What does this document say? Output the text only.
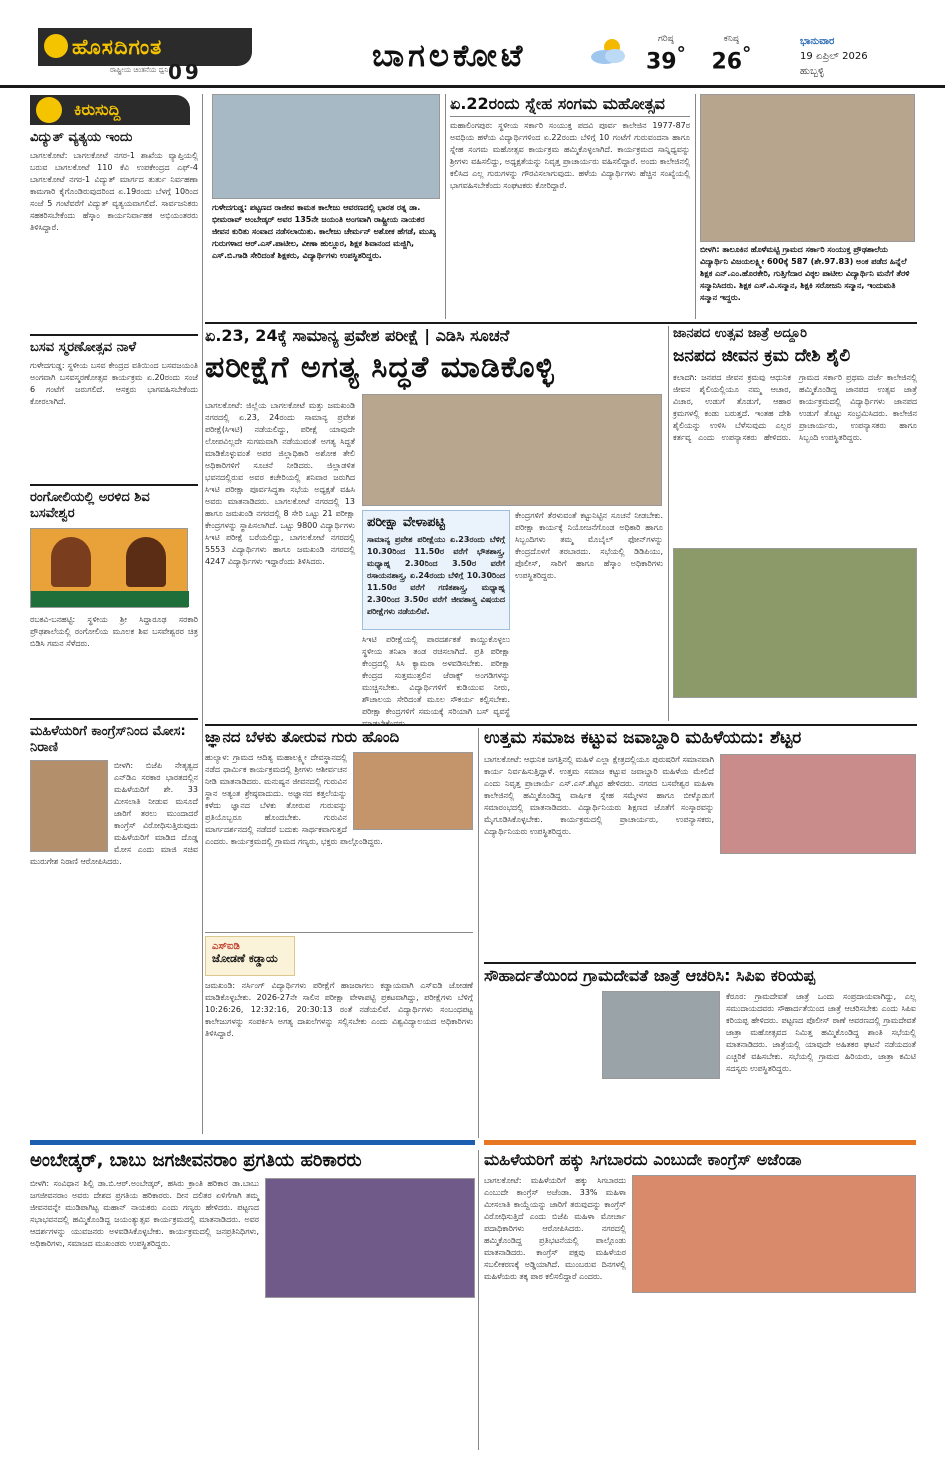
ಹೊಸದಿಗಂತ
ರಾಷ್ಟ್ರೀಯ ಚಿಂತನೆಯ ಧ್ವನಿ 09	ಬಾಗಲಕೋಟೆ	ಗರಿಷ್ಠ
39°
ಕನಿಷ್ಠ
26°
ಭಾನುವಾರ
19 ಏಪ್ರಿಲ್ 2026
ಹುಬ್ಬಳ್ಳಿ
ಕಿರುಸುದ್ದಿ
ವಿದ್ಯುತ್ ವ್ಯತ್ಯಯ ಇಂದು
ಬಾಗಲಕೋಟೆ: ಬಾಗಲಕೋಟೆ ನಗರ-1 ಶಾಖೆಯ ವ್ಯಾಪ್ತಿಯಲ್ಲಿ ಬರುವ ಬಾಗಲಕೋಟೆ 110 ಕೆವಿ ಉಪಕೇಂದ್ರದ ಎಫ್-4 ಬಾಗಲಕೋಟೆ ನಗರ-1 ವಿದ್ಯುತ್ ಮಾರ್ಗದ ತುರ್ತು ನಿರ್ವಹಣಾ ಕಾಮಗಾರಿ ಕೈಗೊಂಡಿರುವುದರಿಂದ ಏ.19ರಂದು ಬೆಳಗ್ಗೆ 10ರಿಂದ ಸಂಜೆ 5 ಗಂಟೆವರೆಗೆ ವಿದ್ಯುತ್ ವ್ಯತ್ಯಯವಾಗಲಿದೆ. ಸಾರ್ವಜನಿಕರು ಸಹಕರಿಸಬೇಕೆಂದು ಹೆಸ್ಕಾಂ ಕಾರ್ಯನಿರ್ವಾಹಕ ಅಭಿಯಂತರರು ತಿಳಿಸಿದ್ದಾರೆ.
ಬಸವ ಸ್ಮರಣೋತ್ಸವ ನಾಳೆ
ಗುಳೇದಗುಡ್ಡ: ಸ್ಥಳೀಯ ಬಸವ ಕೇಂದ್ರದ ವತಿಯಿಂದ ಬಸವಜಯಂತಿ ಅಂಗವಾಗಿ ಬಸವಸ್ಮರಣೋತ್ಸವ ಕಾರ್ಯಕ್ರಮ ಏ.20ರಂದು ಸಂಜೆ 6 ಗಂಟೆಗೆ ಜರುಗಲಿದೆ. ಆಸಕ್ತರು ಭಾಗವಹಿಸಬೇಕೆಂದು ಕೋರಲಾಗಿದೆ.
ರಂಗೋಲಿಯಲ್ಲಿ ಅರಳಿದ ಶಿವ ಬಸವೇಶ್ವರ
ರಬಕವಿ-ಬನಹಟ್ಟಿ: ಸ್ಥಳೀಯ ಶ್ರೀ ಸಿದ್ದಾರೂಢ ಸರಕಾರಿ ಪ್ರೌಢಶಾಲೆಯಲ್ಲಿ ರಂಗೋಲಿಯ ಮೂಲಕ ಶಿವ ಬಸವೇಶ್ವರರ ಚಿತ್ರ ಬಿಡಿಸಿ ಗಮನ ಸೆಳೆದರು.
ಮಹಿಳೆಯರಿಗೆ ಕಾಂಗ್ರೆಸ್‌ನಿಂದ ಮೋಸ: ನಿರಾಣಿ
ಬೀಳಗಿ: ಬಿಜೆಪಿ ನೇತೃತ್ವದ ಎನ್‌ಡಿಎ ಸರಕಾರ ಭಾರತದಲ್ಲಿನ ಮಹಿಳೆಯರಿಗೆ ಶೇ. 33 ಮೀಸಲಾತಿ ನೀಡುವ ಮಸೂದೆ ಜಾರಿಗೆ ತರಲು ಮುಂದಾದರೆ ಕಾಂಗ್ರೆಸ್ ವಿರೋಧಿಸುತ್ತಿರುವುದು ಮಹಿಳೆಯರಿಗೆ ಮಾಡಿದ ದೊಡ್ಡ ಮೋಸ ಎಂದು ಮಾಜಿ ಸಚಿವ ಮುರುಗೇಶ ನಿರಾಣಿ ಆರೋಪಿಸಿದರು.
ಗುಳೇದಗುಡ್ಡ: ಪಟ್ಟಣದ ರಾಜೀವ ಕಾಮತ ಕಾಲೇಜು ಆವರಣದಲ್ಲಿ ಭಾರತ ರತ್ನ ಡಾ. ಭೀಮರಾವ್ ಅಂಬೇಡ್ಕರ್ ಅವರ 135ನೇ ಜಯಂತಿ ಅಂಗವಾಗಿ ರಾಷ್ಟ್ರೀಯ ನಾಯಕರ ಜೀವನ ಕುರಿತು ಸಂವಾದ ನಡೆಸಲಾಯಿತು. ಕಾಲೇಜು ಚೇರ್ಮನ್ ಅಶೋಕ ಹೆಗಡೆ, ಮುಖ್ಯ ಗುರುಗಳಾದ ಆರ್.ಎಸ್.ಪಾಟೀಲ, ವೀಣಾ ಹುಲ್ಲೂರ, ಶಿಕ್ಷಕ ಶಿವಾನಂದ ಮಜ್ಜಿಗಿ, ಎಸ್.ಬಿ.ಗಾಡಿ ಸೇರಿದಂತೆ ಶಿಕ್ಷಕರು, ವಿದ್ಯಾರ್ಥಿಗಳು ಉಪಸ್ಥಿತರಿದ್ದರು.
ಏ.22ರಂದು ಸ್ನೇಹ ಸಂಗಮ ಮಹೋತ್ಸವ
ಮಹಾಲಿಂಗಪುರ: ಸ್ಥಳೀಯ ಸರ್ಕಾರಿ ಸಂಯುಕ್ತ ಪದವಿ ಪೂರ್ವ ಕಾಲೇಜಿನ 1977-87ರ ಅವಧಿಯ ಹಳೆಯ ವಿದ್ಯಾರ್ಥಿಗಳಿಂದ ಏ.22ರಂದು ಬೆಳಿಗ್ಗೆ 10 ಗಂಟೆಗೆ ಗುರುವಂದನಾ ಹಾಗೂ ಸ್ನೇಹ ಸಂಗಮ ಮಹೋತ್ಸವ ಕಾರ್ಯಕ್ರಮ ಹಮ್ಮಿಕೊಳ್ಳಲಾಗಿದೆ. ಕಾರ್ಯಕ್ರಮದ ಸಾನ್ನಿಧ್ಯವನ್ನು ಶ್ರೀಗಳು ವಹಿಸಲಿದ್ದು, ಅಧ್ಯಕ್ಷತೆಯನ್ನು ನಿವೃತ್ತ ಪ್ರಾಚಾರ್ಯರು ವಹಿಸಲಿದ್ದಾರೆ. ಅಂದು ಕಾಲೇಜಿನಲ್ಲಿ ಕಲಿಸಿದ ಎಲ್ಲ ಗುರುಗಳನ್ನು ಗೌರವಿಸಲಾಗುವುದು. ಹಳೆಯ ವಿದ್ಯಾರ್ಥಿಗಳು ಹೆಚ್ಚಿನ ಸಂಖ್ಯೆಯಲ್ಲಿ ಭಾಗವಹಿಸಬೇಕೆಂದು ಸಂಘಟಕರು ಕೋರಿದ್ದಾರೆ.
ಬೀಳಗಿ: ತಾಲೂಕಿನ ಹೊಳೆಮಟ್ಟಿ ಗ್ರಾಮದ ಸರ್ಕಾರಿ ಸಂಯುಕ್ತ ಪ್ರೌಢಶಾಲೆಯ ವಿದ್ಯಾರ್ಥಿನಿ ವಿಜಯಲಕ್ಷ್ಮೀ 600ಕ್ಕೆ 587 (ಶೇ.97.83) ಅಂಕ ಪಡೆದ ಹಿನ್ನೆಲೆ ಶಿಕ್ಷಕ ಎನ್.ಎಂ.ಹೊರಕೇರಿ, ಗುತ್ತಿಗೆದಾರ ವಿಠ್ಠಲ ಪಾಟೀಲ ವಿದ್ಯಾರ್ಥಿನಿ ಮನೆಗೆ ತೆರಳಿ ಸನ್ಮಾನಿಸಿದರು. ಶಿಕ್ಷಕ ಎಸ್.ವಿ.ಸನ್ಮಾನ, ಶಿಕ್ಷಕಿ ಸರೋಜನಿ ಸನ್ಮಾನ, ಇಂದುಮತಿ ಸನ್ಮಾನ ಇದ್ದರು.
ಏ.23, 24ಕ್ಕೆ ಸಾಮಾನ್ಯ ಪ್ರವೇಶ ಪರೀಕ್ಷೆ | ಎಡಿಸಿ ಸೂಚನೆ
ಪರೀಕ್ಷೆಗೆ ಅಗತ್ಯ ಸಿದ್ಧತೆ ಮಾಡಿಕೊಳ್ಳಿ
ಬಾಗಲಕೋಟೆ: ಜಿಲ್ಲೆಯ ಬಾಗಲಕೋಟೆ ಮತ್ತು ಜಮಖಂಡಿ ನಗರದಲ್ಲಿ ಏ.23, 24ರಂದು ಸಾಮಾನ್ಯ ಪ್ರವೇಶ ಪರೀಕ್ಷೆ(ಸಿಇಟಿ) ನಡೆಯಲಿದ್ದು, ಪರೀಕ್ಷೆ ಯಾವುದೇ ಲೋಪವಿಲ್ಲದೇ ಸುಗಮವಾಗಿ ನಡೆಯುವಂತೆ ಅಗತ್ಯ ಸಿದ್ದತೆ ಮಾಡಿಕೊಳ್ಳುವಂತೆ ಅಪರ ಜಿಲ್ಲಾಧಿಕಾರಿ ಅಶೋಕ ತೇಲಿ ಅಧಿಕಾರಿಗಳಿಗೆ ಸೂಚನೆ ನೀಡಿದರು. ಜಿಲ್ಲಾಡಳಿತ ಭವನದಲ್ಲಿರುವ ಅವರ ಕಚೇರಿಯಲ್ಲಿ ಶನಿವಾರ ಜರುಗಿದ ಸಿಇಟಿ ಪರೀಕ್ಷಾ ಪೂರ್ವಸಿದ್ಧತಾ ಸಭೆಯ ಅಧ್ಯಕ್ಷತೆ ವಹಿಸಿ ಅವರು ಮಾತನಾಡಿದರು. ಬಾಗಲಕೋಟೆ ನಗರದಲ್ಲಿ 13 ಹಾಗೂ ಜಮಖಂಡಿ ನಗರದಲ್ಲಿ 8 ಸೇರಿ ಒಟ್ಟು 21 ಪರೀಕ್ಷಾ ಕೇಂದ್ರಗಳನ್ನು ಸ್ಥಾಪಿಸಲಾಗಿದೆ. ಒಟ್ಟು 9800 ವಿದ್ಯಾರ್ಥಿಗಳು ಸಿಇಟಿ ಪರೀಕ್ಷೆ ಬರೆಯಲಿದ್ದು, ಬಾಗಲಕೋಟೆ ನಗರದಲ್ಲಿ 5553 ವಿದ್ಯಾರ್ಥಿಗಳು ಹಾಗೂ ಜಮಖಂಡಿ ನಗರದಲ್ಲಿ 4247 ವಿದ್ಯಾರ್ಥಿಗಳು ಇದ್ದಾರೆಂದು ತಿಳಿಸಿದರು.
ಪರೀಕ್ಷಾ ವೇಳಾಪಟ್ಟಿ
ಸಾಮಾನ್ಯ ಪ್ರವೇಶ ಪರೀಕ್ಷೆಯು ಏ.23ರಂದು ಬೆಳಿಗ್ಗೆ 10.30ರಿಂದ 11.50ರ ವರೆಗೆ ಭೌತಶಾಸ್ತ್ರ, ಮಧ್ಯಾಹ್ನ 2.30ರಿಂದ 3.50ರ ವರೆಗೆ ರಸಾಯನಶಾಸ್ತ್ರ, ಏ.24ರಂದು ಬೆಳಿಗ್ಗೆ 10.30ರಿಂದ 11.50ರ ವರೆಗೆ ಗಣಿತಶಾಸ್ತ್ರ, ಮಧ್ಯಾಹ್ನ 2.30ರಿಂದ 3.50ರ ವರೆಗೆ ಜೀವಶಾಸ್ತ್ರ ವಿಷಯದ ಪರೀಕ್ಷೆಗಳು ನಡೆಯಲಿವೆ.
ಸಿಇಟಿ ಪರೀಕ್ಷೆಯಲ್ಲಿ ಪಾರದರ್ಶಕತೆ ಕಾಯ್ದುಕೊಳ್ಳಲು ಸ್ಥಳೀಯ ತನಿಖಾ ತಂಡ ರಚಿಸಲಾಗಿದೆ. ಪ್ರತಿ ಪರೀಕ್ಷಾ ಕೇಂದ್ರದಲ್ಲಿ ಸಿಸಿ ಕ್ಯಾಮರಾ ಅಳವಡಿಸಬೇಕು. ಪರೀಕ್ಷಾ ಕೇಂದ್ರದ ಸುತ್ತಮುತ್ತಲಿನ ಜೆರಾಕ್ಸ್ ಅಂಗಡಿಗಳನ್ನು ಮುಚ್ಚಿಸಬೇಕು. ವಿದ್ಯಾರ್ಥಿಗಳಿಗೆ ಕುಡಿಯುವ ನೀರು, ಶೌಚಾಲಯ ಸೇರಿದಂತೆ ಮೂಲ ಸೌಕರ್ಯ ಕಲ್ಪಿಸಬೇಕು. ಪರೀಕ್ಷಾ ಕೇಂದ್ರಗಳಿಗೆ ಸಮಯಕ್ಕೆ ಸರಿಯಾಗಿ ಬಸ್ ವ್ಯವಸ್ಥೆ
ಕೇಂದ್ರಗಳಿಗೆ ತೆರಳುವಂತೆ ಕಟ್ಟುನಿಟ್ಟಿನ ಸೂಚನೆ ನೀಡಬೇಕು. ಪರೀಕ್ಷಾ ಕಾರ್ಯಕ್ಕೆ ನಿಯೋಜನೆಗೊಂಡ ಅಧಿಕಾರಿ ಹಾಗೂ ಸಿಬ್ಬಂದಿಗಳು ತಮ್ಮ ಮೊಬೈಲ್ ಫೋನ್‌ಗಳನ್ನು ಕೇಂದ್ರದೊಳಗೆ ತರಬಾರದು. ಸಭೆಯಲ್ಲಿ ಡಿಡಿಪಿಯು, ಪೊಲೀಸ್, ಸಾರಿಗೆ ಹಾಗೂ ಹೆಸ್ಕಾಂ ಅಧಿಕಾರಿಗಳು ಉಪಸ್ಥಿತರಿದ್ದರು.
ಜಾನಪದ ಉತ್ಸವ ಜಾತ್ರೆ ಅದ್ದೂರಿ
ಜನಪದ ಜೀವನ ಕ್ರಮ ದೇಶಿ ಶೈಲಿ
ಕಲಾದಗಿ: ಜನಪದ ಜೀವನ ಕ್ರಮವು ಆಧುನಿಕ ಜೀವನ ಶೈಲಿಯಲ್ಲಿಯೂ ನಮ್ಮ ಆಚಾರ, ವಿಚಾರ, ಉಡುಗೆ ತೊಡುಗೆ, ಆಹಾರ ಕ್ರಮಗಳಲ್ಲಿ ಕಂಡು ಬರುತ್ತದೆ. ಇಂತಹ ದೇಶಿ ಶೈಲಿಯನ್ನು ಉಳಿಸಿ ಬೆಳೆಸುವುದು ಎಲ್ಲರ ಕರ್ತವ್ಯ ಎಂದು ಉಪನ್ಯಾಸಕರು ಹೇಳಿದರು. ಗ್ರಾಮದ ಸರ್ಕಾರಿ ಪ್ರಥಮ ದರ್ಜೆ ಕಾಲೇಜಿನಲ್ಲಿ ಹಮ್ಮಿಕೊಂಡಿದ್ದ ಜಾನಪದ ಉತ್ಸವ ಜಾತ್ರೆ ಕಾರ್ಯಕ್ರಮದಲ್ಲಿ ವಿದ್ಯಾರ್ಥಿಗಳು ಜಾನಪದ ಉಡುಗೆ ತೊಟ್ಟು ಸಂಭ್ರಮಿಸಿದರು. ಕಾಲೇಜಿನ ಪ್ರಾಚಾರ್ಯರು, ಉಪನ್ಯಾಸಕರು ಹಾಗೂ ಸಿಬ್ಬಂದಿ ಉಪಸ್ಥಿತರಿದ್ದರು.
ಜ್ಞಾನದ ಬೆಳಕು ತೋರುವ ಗುರು ಹೊಂದಿ
ಹುಲ್ಯಾಳ: ಗ್ರಾಮದ ಆದಿತ್ಯ ಮಹಾಲಕ್ಷ್ಮೀ ದೇವಸ್ಥಾನದಲ್ಲಿ ನಡೆದ ಧಾರ್ಮಿಕ ಕಾರ್ಯಕ್ರಮದಲ್ಲಿ ಶ್ರೀಗಳು ಆಶೀರ್ವಚನ ನೀಡಿ ಮಾತನಾಡಿದರು. ಮನುಷ್ಯನ ಜೀವನದಲ್ಲಿ ಗುರುವಿನ ಸ್ಥಾನ ಅತ್ಯಂತ ಶ್ರೇಷ್ಠವಾದುದು. ಅಜ್ಞಾನದ ಕತ್ತಲೆಯನ್ನು ಕಳೆದು ಜ್ಞಾನದ ಬೆಳಕು ತೋರುವ ಗುರುವನ್ನು ಪ್ರತಿಯೊಬ್ಬರೂ ಹೊಂದಬೇಕು. ಗುರುವಿನ ಮಾರ್ಗದರ್ಶನದಲ್ಲಿ ನಡೆದರೆ ಬದುಕು ಸಾರ್ಥಕವಾಗುತ್ತದೆ ಎಂದರು. ಕಾರ್ಯಕ್ರಮದಲ್ಲಿ ಗ್ರಾಮದ ಗಣ್ಯರು, ಭಕ್ತರು ಪಾಲ್ಗೊಂಡಿದ್ದರು.
ಎಸ್‌ಐಡಿ
ಜೋಡಣೆ ಕಡ್ಡಾಯ
ಜಮಖಂಡಿ: ನರ್ಸಿಂಗ್ ವಿದ್ಯಾರ್ಥಿಗಳು ಪರೀಕ್ಷೆಗೆ ಹಾಜರಾಗಲು ಕಡ್ಡಾಯವಾಗಿ ಎಸ್‌ಐಡಿ ಜೋಡಣೆ ಮಾಡಿಕೊಳ್ಳಬೇಕು. 2026-27ನೇ ಸಾಲಿನ ಪರೀಕ್ಷಾ ವೇಳಾಪಟ್ಟಿ ಪ್ರಕಟವಾಗಿದ್ದು, ಪರೀಕ್ಷೆಗಳು ಬೆಳಿಗ್ಗೆ 10:26:26, 12:32:16, 20:30:13 ರಂತೆ ನಡೆಯಲಿವೆ. ವಿದ್ಯಾರ್ಥಿಗಳು ಸಂಬಂಧಪಟ್ಟ ಕಾಲೇಜುಗಳನ್ನು ಸಂಪರ್ಕಿಸಿ ಅಗತ್ಯ ದಾಖಲೆಗಳನ್ನು ಸಲ್ಲಿಸಬೇಕು ಎಂದು ವಿಶ್ವವಿದ್ಯಾಲಯದ ಅಧಿಕಾರಿಗಳು ತಿಳಿಸಿದ್ದಾರೆ.
ಉತ್ತಮ ಸಮಾಜ ಕಟ್ಟುವ ಜವಾಬ್ದಾರಿ ಮಹಿಳೆಯದು: ಶೆಟ್ಟರ
ಬಾಗಲಕೋಟೆ: ಆಧುನಿಕ ಜಗತ್ತಿನಲ್ಲಿ ಮಹಿಳೆ ಎಲ್ಲಾ ಕ್ಷೇತ್ರದಲ್ಲಿಯೂ ಪುರುಷರಿಗೆ ಸಮಾನವಾಗಿ ಕಾರ್ಯ ನಿರ್ವಹಿಸುತ್ತಿದ್ದಾಳೆ. ಉತ್ತಮ ಸಮಾಜ ಕಟ್ಟುವ ಜವಾಬ್ದಾರಿ ಮಹಿಳೆಯ ಮೇಲಿದೆ ಎಂದು ನಿವೃತ್ತ ಪ್ರಾಚಾರ್ಯೆ ಎಸ್.ಎಸ್.ಶೆಟ್ಟರ ಹೇಳಿದರು. ನಗರದ ಬಸವೇಶ್ವರ ಮಹಿಳಾ ಕಾಲೇಜಿನಲ್ಲಿ ಹಮ್ಮಿಕೊಂಡಿದ್ದ ವಾರ್ಷಿಕ ಸ್ನೇಹ ಸಮ್ಮೇಳನ ಹಾಗೂ ಬೀಳ್ಕೊಡುಗೆ ಸಮಾರಂಭದಲ್ಲಿ ಮಾತನಾಡಿದರು. ವಿದ್ಯಾರ್ಥಿನಿಯರು ಶಿಕ್ಷಣದ ಜೊತೆಗೆ ಸಂಸ್ಕಾರವನ್ನು ಮೈಗೂಡಿಸಿಕೊಳ್ಳಬೇಕು. ಕಾರ್ಯಕ್ರಮದಲ್ಲಿ ಪ್ರಾಚಾರ್ಯರು, ಉಪನ್ಯಾಸಕರು, ವಿದ್ಯಾರ್ಥಿನಿಯರು ಉಪಸ್ಥಿತರಿದ್ದರು.
ಸೌಹಾರ್ದತೆಯಿಂದ ಗ್ರಾಮದೇವತೆ ಜಾತ್ರೆ ಆಚರಿಸಿ: ಸಿಪಿಐ ಕರಿಯಪ್ಪ
ಕೆರೂರ: ಗ್ರಾಮದೇವತೆ ಜಾತ್ರೆ ಒಂದು ಸಂಪ್ರದಾಯವಾಗಿದ್ದು, ಎಲ್ಲ ಸಮುದಾಯದವರು ಸೌಹಾರ್ದತೆಯಿಂದ ಜಾತ್ರೆ ಆಚರಿಸಬೇಕು ಎಂದು ಸಿಪಿಐ ಕರಿಯಪ್ಪ ಹೇಳಿದರು. ಪಟ್ಟಣದ ಪೊಲೀಸ್ ಠಾಣೆ ಆವರಣದಲ್ಲಿ ಗ್ರಾಮದೇವತೆ ಜಾತ್ರಾ ಮಹೋತ್ಸವದ ನಿಮಿತ್ತ ಹಮ್ಮಿಕೊಂಡಿದ್ದ ಶಾಂತಿ ಸಭೆಯಲ್ಲಿ ಮಾತನಾಡಿದರು. ಜಾತ್ರೆಯಲ್ಲಿ ಯಾವುದೇ ಅಹಿತಕರ ಘಟನೆ ನಡೆಯದಂತೆ ಎಚ್ಚರಿಕೆ ವಹಿಸಬೇಕು. ಸಭೆಯಲ್ಲಿ ಗ್ರಾಮದ ಹಿರಿಯರು, ಜಾತ್ರಾ ಕಮಿಟಿ ಸದಸ್ಯರು ಉಪಸ್ಥಿತರಿದ್ದರು.
ಅಂಬೇಡ್ಕರ್, ಬಾಬು ಜಗಜೀವನರಾಂ ಪ್ರಗತಿಯ ಹರಿಕಾರರು
ಬೀಳಗಿ: ಸಂವಿಧಾನ ಶಿಲ್ಪಿ ಡಾ.ಬಿ.ಆರ್.ಅಂಬೇಡ್ಕರ್, ಹಸಿರು ಕ್ರಾಂತಿ ಹರಿಕಾರ ಡಾ.ಬಾಬು ಜಗಜೀವನರಾಂ ಅವರು ದೇಶದ ಪ್ರಗತಿಯ ಹರಿಕಾರರು. ದೀನ ದಲಿತರ ಏಳಿಗೆಗಾಗಿ ತಮ್ಮ ಜೀವನವನ್ನೇ ಮುಡಿಪಾಗಿಟ್ಟ ಮಹಾನ್ ನಾಯಕರು ಎಂದು ಗಣ್ಯರು ಹೇಳಿದರು. ಪಟ್ಟಣದ ಸಭಾಭವನದಲ್ಲಿ ಹಮ್ಮಿಕೊಂಡಿದ್ದ ಜಯಂತ್ಯುತ್ಸವ ಕಾರ್ಯಕ್ರಮದಲ್ಲಿ ಮಾತನಾಡಿದರು. ಅವರ ಆದರ್ಶಗಳನ್ನು ಯುವಜನರು ಅಳವಡಿಸಿಕೊಳ್ಳಬೇಕು. ಕಾರ್ಯಕ್ರಮದಲ್ಲಿ ಜನಪ್ರತಿನಿಧಿಗಳು, ಅಧಿಕಾರಿಗಳು, ಸಮಾಜದ ಮುಖಂಡರು ಉಪಸ್ಥಿತರಿದ್ದರು.
ಮಹಿಳೆಯರಿಗೆ ಹಕ್ಕು ಸಿಗಬಾರದು ಎಂಬುದೇ ಕಾಂಗ್ರೆಸ್ ಅಜೆಂಡಾ
ಬಾಗಲಕೋಟೆ: ಮಹಿಳೆಯರಿಗೆ ಹಕ್ಕು ಸಿಗಬಾರದು ಎಂಬುದೇ ಕಾಂಗ್ರೆಸ್ ಅಜೆಂಡಾ. 33% ಮಹಿಳಾ ಮೀಸಲಾತಿ ಕಾಯ್ದೆಯನ್ನು ಜಾರಿಗೆ ತರುವುದನ್ನು ಕಾಂಗ್ರೆಸ್ ವಿರೋಧಿಸುತ್ತಿದೆ ಎಂದು ಬಿಜೆಪಿ ಮಹಿಳಾ ಮೋರ್ಚಾ ಪದಾಧಿಕಾರಿಗಳು ಆರೋಪಿಸಿದರು. ನಗರದಲ್ಲಿ ಹಮ್ಮಿಕೊಂಡಿದ್ದ ಪ್ರತಿಭಟನೆಯಲ್ಲಿ ಪಾಲ್ಗೊಂಡು ಮಾತನಾಡಿದರು. ಕಾಂಗ್ರೆಸ್ ಪಕ್ಷವು ಮಹಿಳೆಯರ ಸಬಲೀಕರಣಕ್ಕೆ ಅಡ್ಡಿಯಾಗಿದೆ. ಮುಂಬರುವ ದಿನಗಳಲ್ಲಿ ಮಹಿಳೆಯರು ತಕ್ಕ ಪಾಠ ಕಲಿಸಲಿದ್ದಾರೆ ಎಂದರು.
